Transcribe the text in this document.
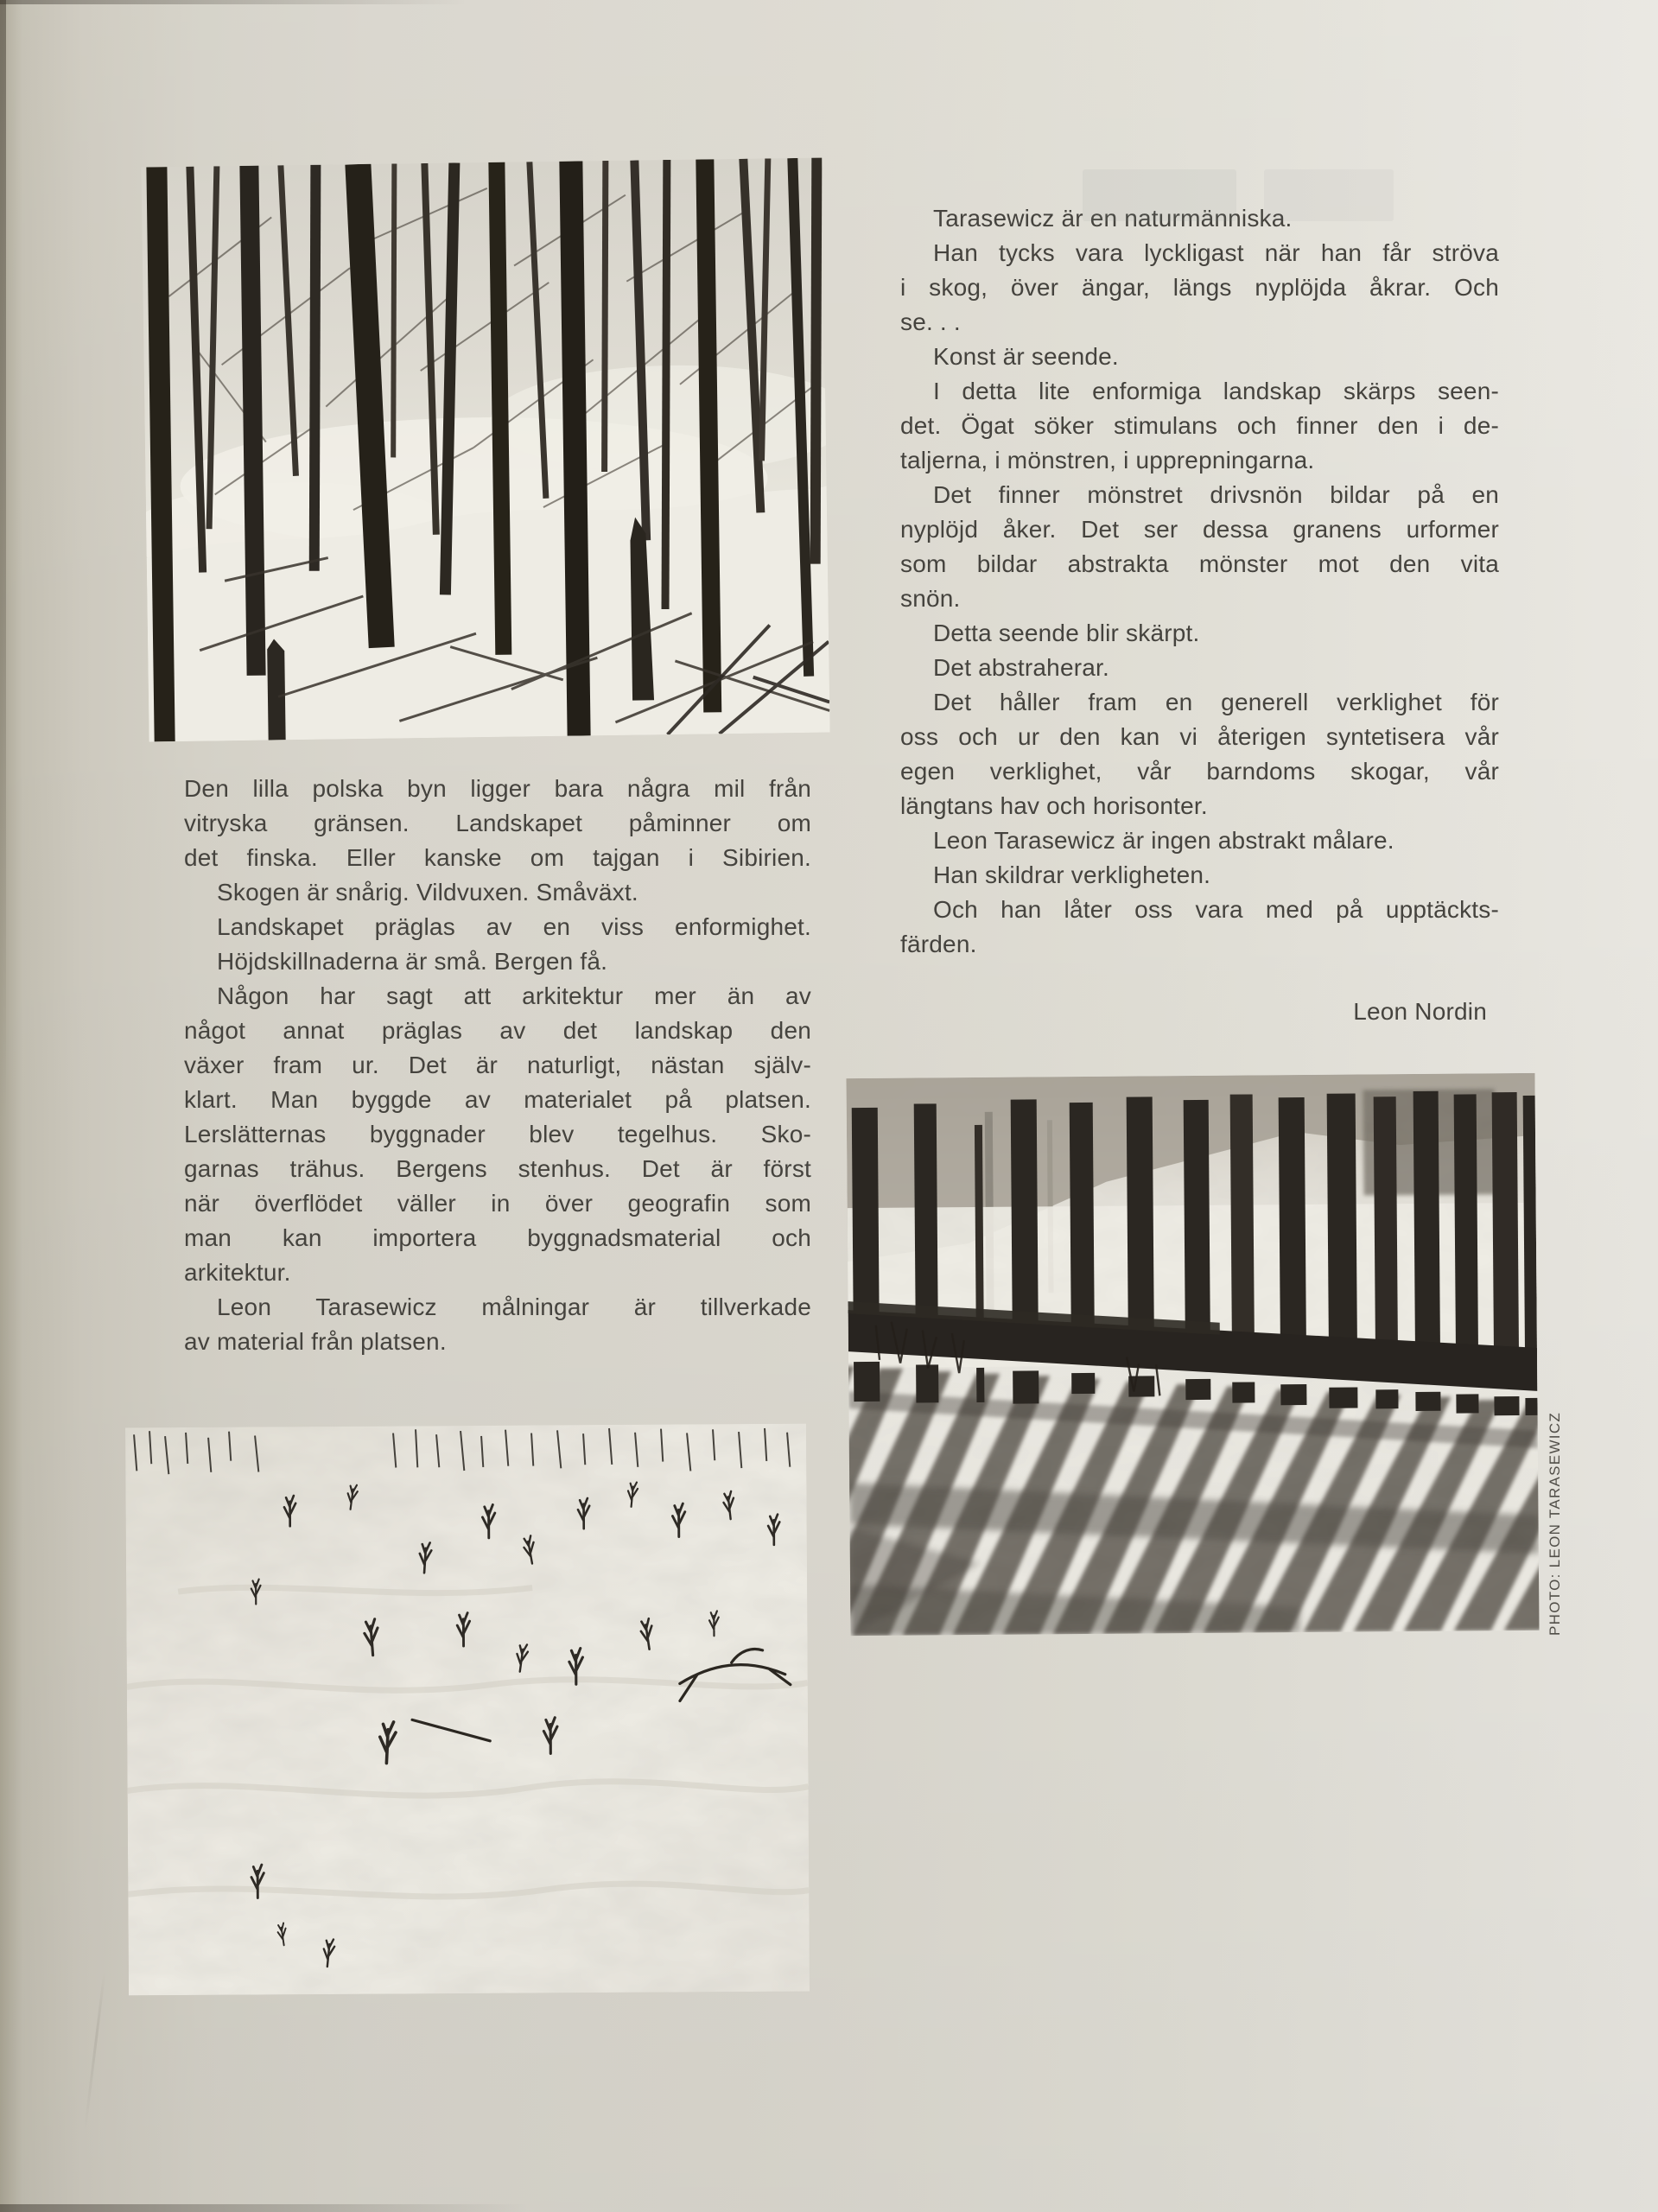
PHOTO: LEON TARASEWICZ
Den lilla polska byn ligger bara några mil från
vitryska gränsen. Landskapet påminner om
det finska. Eller kanske om tajgan i Sibirien.
Skogen är snårig. Vildvuxen. Småväxt.
Landskapet präglas av en viss enformighet.
Höjdskillnaderna är små. Bergen få.
Någon har sagt att arkitektur mer än av
något annat präglas av det landskap den
växer fram ur. Det är naturligt, nästan själv-
klart. Man byggde av materialet på platsen.
Lerslätternas byggnader blev tegelhus. Sko-
garnas trähus. Bergens stenhus. Det är först
när överflödet väller in över geografin som
man kan importera byggnadsmaterial och
arkitektur.
Leon Tarasewicz målningar är tillverkade
av material från platsen.
Tarasewicz är en naturmänniska.
Han tycks vara lyckligast när han får ströva
i skog, över ängar, längs nyplöjda åkrar. Och
se. . .
Konst är seende.
I detta lite enformiga landskap skärps seen-
det. Ögat söker stimulans och finner den i de-
taljerna, i mönstren, i upprepningarna.
Det finner mönstret drivsnön bildar på en
nyplöjd åker. Det ser dessa granens urformer
som bildar abstrakta mönster mot den vita
snön.
Detta seende blir skärpt.
Det abstraherar.
Det håller fram en generell verklighet för
oss och ur den kan vi återigen syntetisera vår
egen verklighet, vår barndoms skogar, vår
längtans hav och horisonter.
Leon Tarasewicz är ingen abstrakt målare.
Han skildrar verkligheten.
Och han låter oss vara med på upptäckts-
färden.
Leon Nordin
